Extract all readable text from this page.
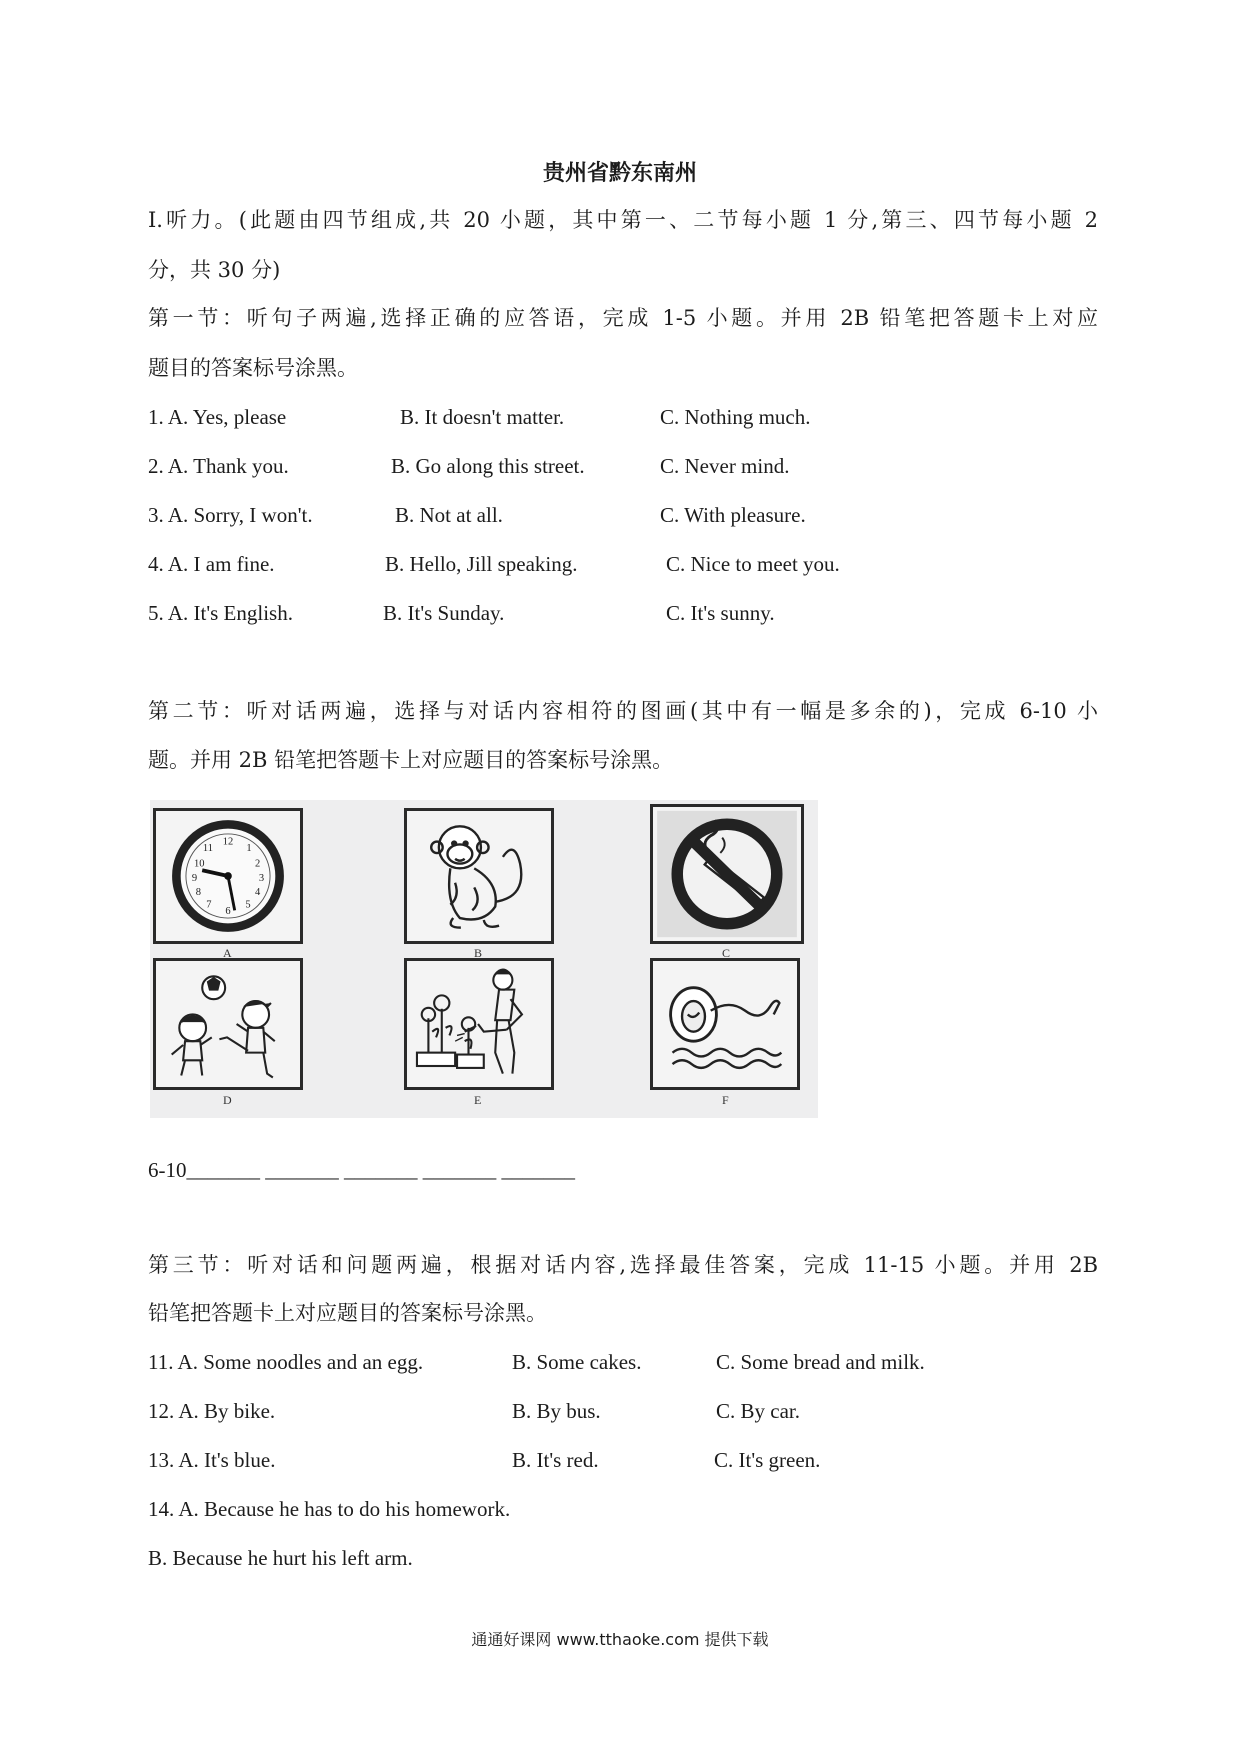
贵州省黔东南州
I.听力。(此题由四节组成,共 20 小题，其中第一、二节每小题 1 分,第三、四节每小题 2
分，共 30 分)
第一节：听句子两遍,选择正确的应答语，完成 1-5 小题。并用 2B 铅笔把答题卡上对应
题目的答案标号涂黑。
1. A. Yes, please	B. It doesn't matter.	C. Nothing much.
2. A. Thank you.	B. Go along this street.	C. Never mind.
3. A. Sorry, I won't.	B. Not at all.	C. With pleasure.
4. A. I am fine.	B. Hello, Jill speaking.	C. Nice to meet you.
5. A. It's English.	B. It's Sunday.	C. It's sunny.
第二节：听对话两遍，选择与对话内容相符的图画(其中有一幅是多余的)，完成 6-10 小
题。并用 2B 铅笔把答题卡上对应题目的答案标号涂黑。
12
1
2
3
4
5
6
7
8
9
10
11
A	B	C
D	E	F
6-10_______ _______ _______ _______ _______
第三节：听对话和问题两遍，根据对话内容,选择最佳答案，完成 11-15 小题。并用 2B
铅笔把答题卡上对应题目的答案标号涂黑。
11. A. Some noodles and an egg.	B. Some cakes.	C. Some bread and milk.
12. A. By bike.	B. By bus.	C. By car.
13. A. It's blue.	B. It's red.	C. It's green.
14. A. Because he has to do his homework.
B. Because he hurt his left arm.
通通好课网 www.tthaoke.com 提供下载
